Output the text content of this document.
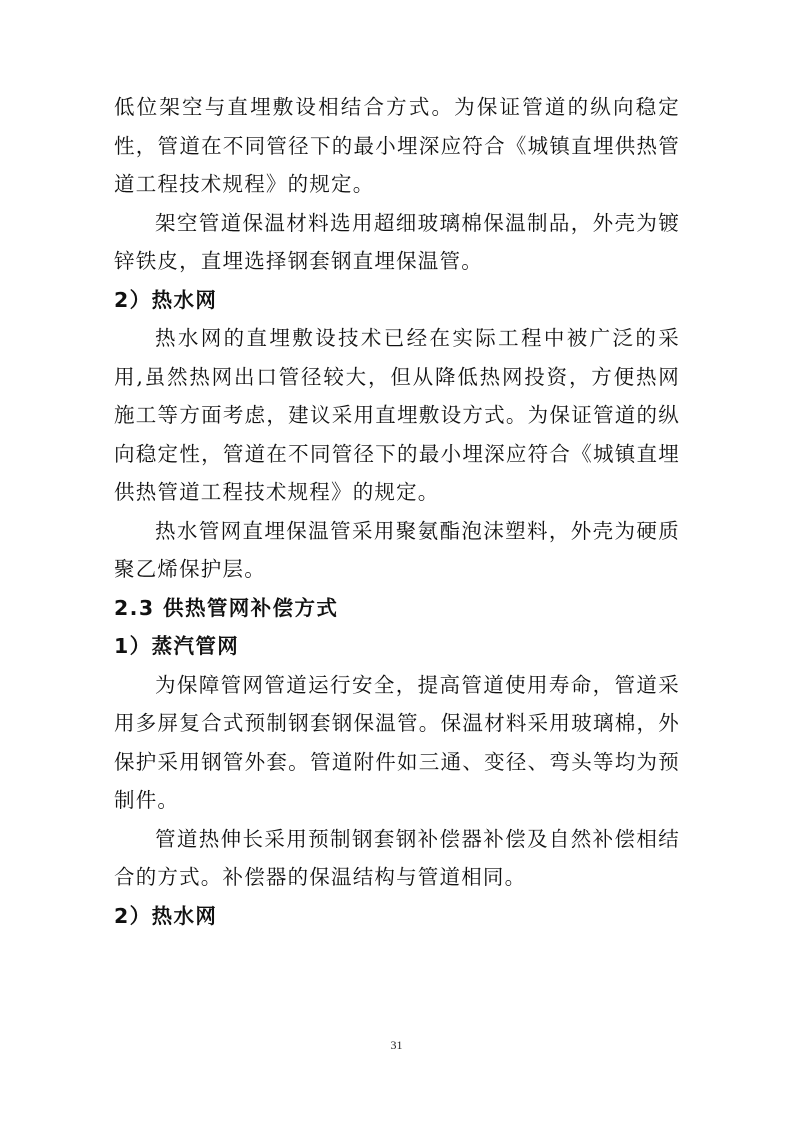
低位架空与直埋敷设相结合方式。为保证管道的纵向稳定性，管道在不同管径下的最小埋深应符合《城镇直埋供热管道工程技术规程》的规定。

架空管道保温材料选用超细玻璃棉保温制品，外壳为镀锌铁皮，直埋选择钢套钢直埋保温管。

2）热水网

热水网的直埋敷设技术已经在实际工程中被广泛的采用,虽然热网出口管径较大，但从降低热网投资，方便热网施工等方面考虑，建议采用直埋敷设方式。为保证管道的纵向稳定性，管道在不同管径下的最小埋深应符合《城镇直埋供热管道工程技术规程》的规定。

热水管网直埋保温管采用聚氨酯泡沫塑料，外壳为硬质聚乙烯保护层。

2.3 供热管网补偿方式
1）蒸汽管网

为保障管网管道运行安全，提高管道使用寿命，管道采用多屏复合式预制钢套钢保温管。保温材料采用玻璃棉，外保护采用钢管外套。管道附件如三通、变径、弯头等均为预制件。

管道热伸长采用预制钢套钢补偿器补偿及自然补偿相结合的方式。补偿器的保温结构与管道相同。

2）热水网
31
